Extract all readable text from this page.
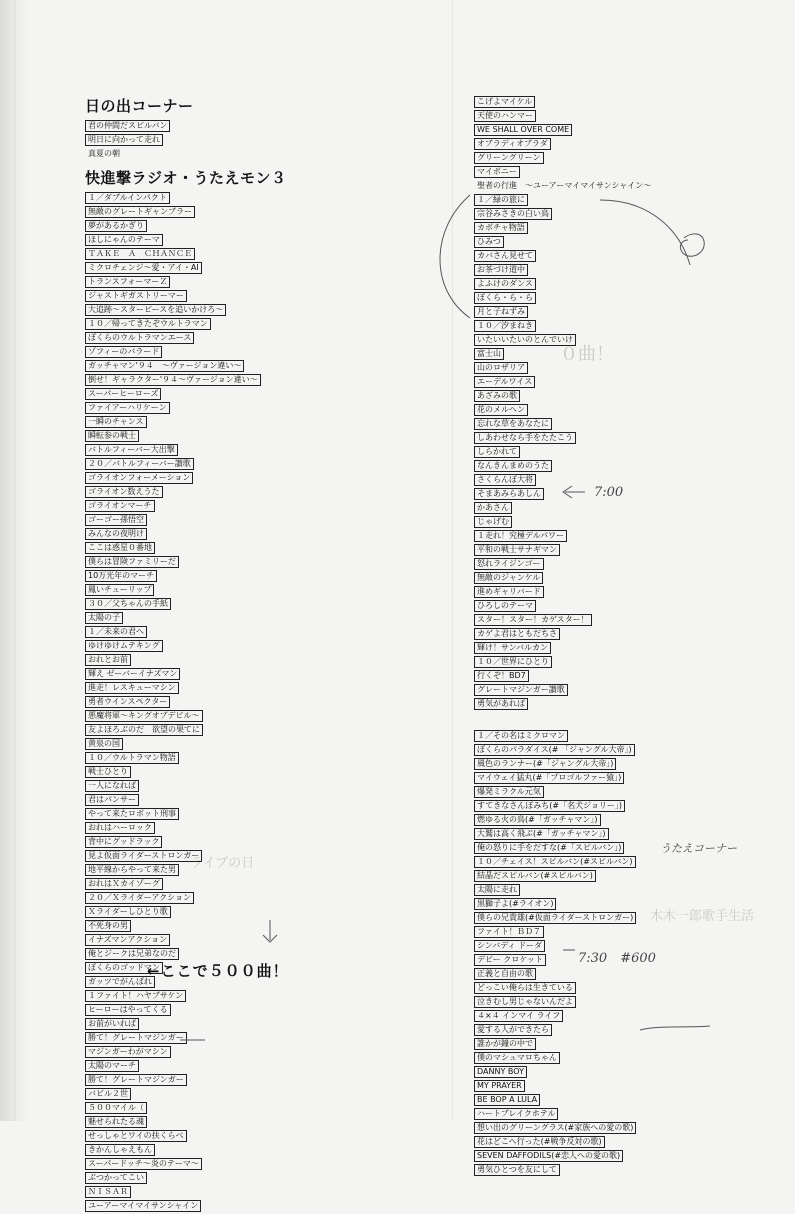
０曲！
木木一郎歌手生活
ライブの日
日の出コーナー
君の仲間だスピルバン
明日に向かって走れ
真夏の朝
快進撃ラジオ・うたえモン３
１／ダブルインパクト
無敵のグレートギャンブラー
夢があるかぎり
ほしにゃんのテーマ
ＴＡＫＥ　Ａ　ＣＨＡＮＣＥ
ミクロチェンジ～愛・アイ・AI
トランスフォーマーＺ
ジャストギガストリーマー
大追跡～スターピースを追いかけろ～
１０／帰ってきたぞウルトラマン
ぼくらのウルトラマンエース
ゾフィーのバラード
ガッチャマン'９４　～ヴァージョン違い～
倒せ！ギャラクター'９４～ヴァージョン違い～
スーパーヒーローズ
ファイアーハリケーン
一瞬のチャンス
瞬転参の戦士
バトルフィーバー大出撃
２０／バトルフィーバー讃歌
ゴライオンフォーメーション
ゴライオン数えうた
ゴライオンマーチ
ゴーゴー孫悟空
みんなの夜明け
ここは惑星０番地
僕らは冒険ファミリーだ
10万光年のマーチ
鳳いチューリップ
３０／父ちゃんの手紙
太陽の子
１／未来の君へ
ゆけゆけムテキング
おれとお前
輝え ゼーバーイナズマン
進走！レスキューマシン
勇者ウインスペクター
悪魔将軍～キングオブデビル～
友よほろぶのだ　欲望の果てに
黄泉の国
１０／ウルトラマン物語
戦士ひとり
一人になれば
君はパンサー
やって来たロボット刑事
おれはハーロック
背中にグッドラック
見よ仮面ライダーストロンガー
地平線からやって来た男
おれはＸカイゾーグ
２０／Ｘライダーアクション
Ｘライダーしひとり歌
不死身の男
イナズマンアクション
俺とジークは兄弟なのだ
ぼくらのゴッドマン
ガッツでがんばれ
１ファイト！ハヤブサケン
ヒーローはやってくる
お前がいれば
勝て！グレートマジンガー
マジンガーわがマシン
太陽のマーチ
勝て！グレートマジンガー
バビル２世
５００マイル（
魅せられたる魂
せっしゃとワイの扶くらべ
きかんしゃえもん
スーパードッチ～炎のテーマ～
ぶつかってこい
ＮＩＳＡＲ
ユーアーマイマイサンシャイン
←ここで５００曲！
こげよマイケル
天使のハンマー
WE SHALL OVER COME
オブラディオブラダ
グリーングリーン
マイボニー
聖者の行進　～ユーアーマイマイサンシャイン～
１／緑の旅に
宗谷みさきの白い鳥
カボチャ物語
ひみつ
カバさん見せて
お茶づけ道中
よふけのダンス
ぼくら・ら・ら
月と子ねずみ
１０／汐まねき
いたいいたいのとんでいけ
富士山
山のロザリア
エーデルワイス
あざみの歌
花のメルヘン
忘れな草をあなたに
しあわせなら手をたたこう
しらかれて
なんきんまめのうた
さくらんぼ大将
そまあみらあしん
かあさん
じゃげむ
１走れ！究極デルパワー
平和の戦士サナギマン
怒れライジンゴー
無敵のジャンケル
進めギャリバード
ひろしのテーマ
スター！スター！カゲスター！
カゲよ君はともだちさ
輝け！サンバルカン
１０／世界にひとり
行くぞ！BD7
グレートマジンガー讃歌
勇気があれば
１／その名はミクロマン
ぼくらのパラダイス(# 「ジャングル大帝」)
風色のランナー(#「ジャングル大帝」)
マイウェイ猛丸(#「プロゴルファー猿」)
爆発ミラクル元気
すてきなさんぽみち(#「名犬ジョリー」)
燃ゆる火の鳥(#「ガッチャマン」)
大鷲は高く飛ぶ(#「ガッチャマン」)
俺の怒りに手をだすな(#「スピルバン」)
１０／チェイス！スピルバン(#スピルバン)
結晶だスピルバン(#スピルバン)
太陽に走れ
黒獅子よ(#ライオン)
僕らの兄貴雄(#仮面ライダーストロンガー)
ファイト！ＢＤ７
シンバディ ドーダ
デビー クロケット
正義と自由の歌
どっこい俺らは生きている
泣きむし男じゃないんだよ
４×４ インマイ ライフ
愛する人ができたら
誰かが鐘の中で
僕のマシュマロちゃん
DANNY BOY
MY PRAYER
BE BOP A LULA
ハートブレイクホテル
想い出のグリーングラス(#家族への愛の歌)
花はどこへ行った(#戦争反対の歌)
SEVEN DAFFODILS(#恋人への愛の歌)
勇気ひとつを友にして
7:00
7:30　#600
うたえコーナー
